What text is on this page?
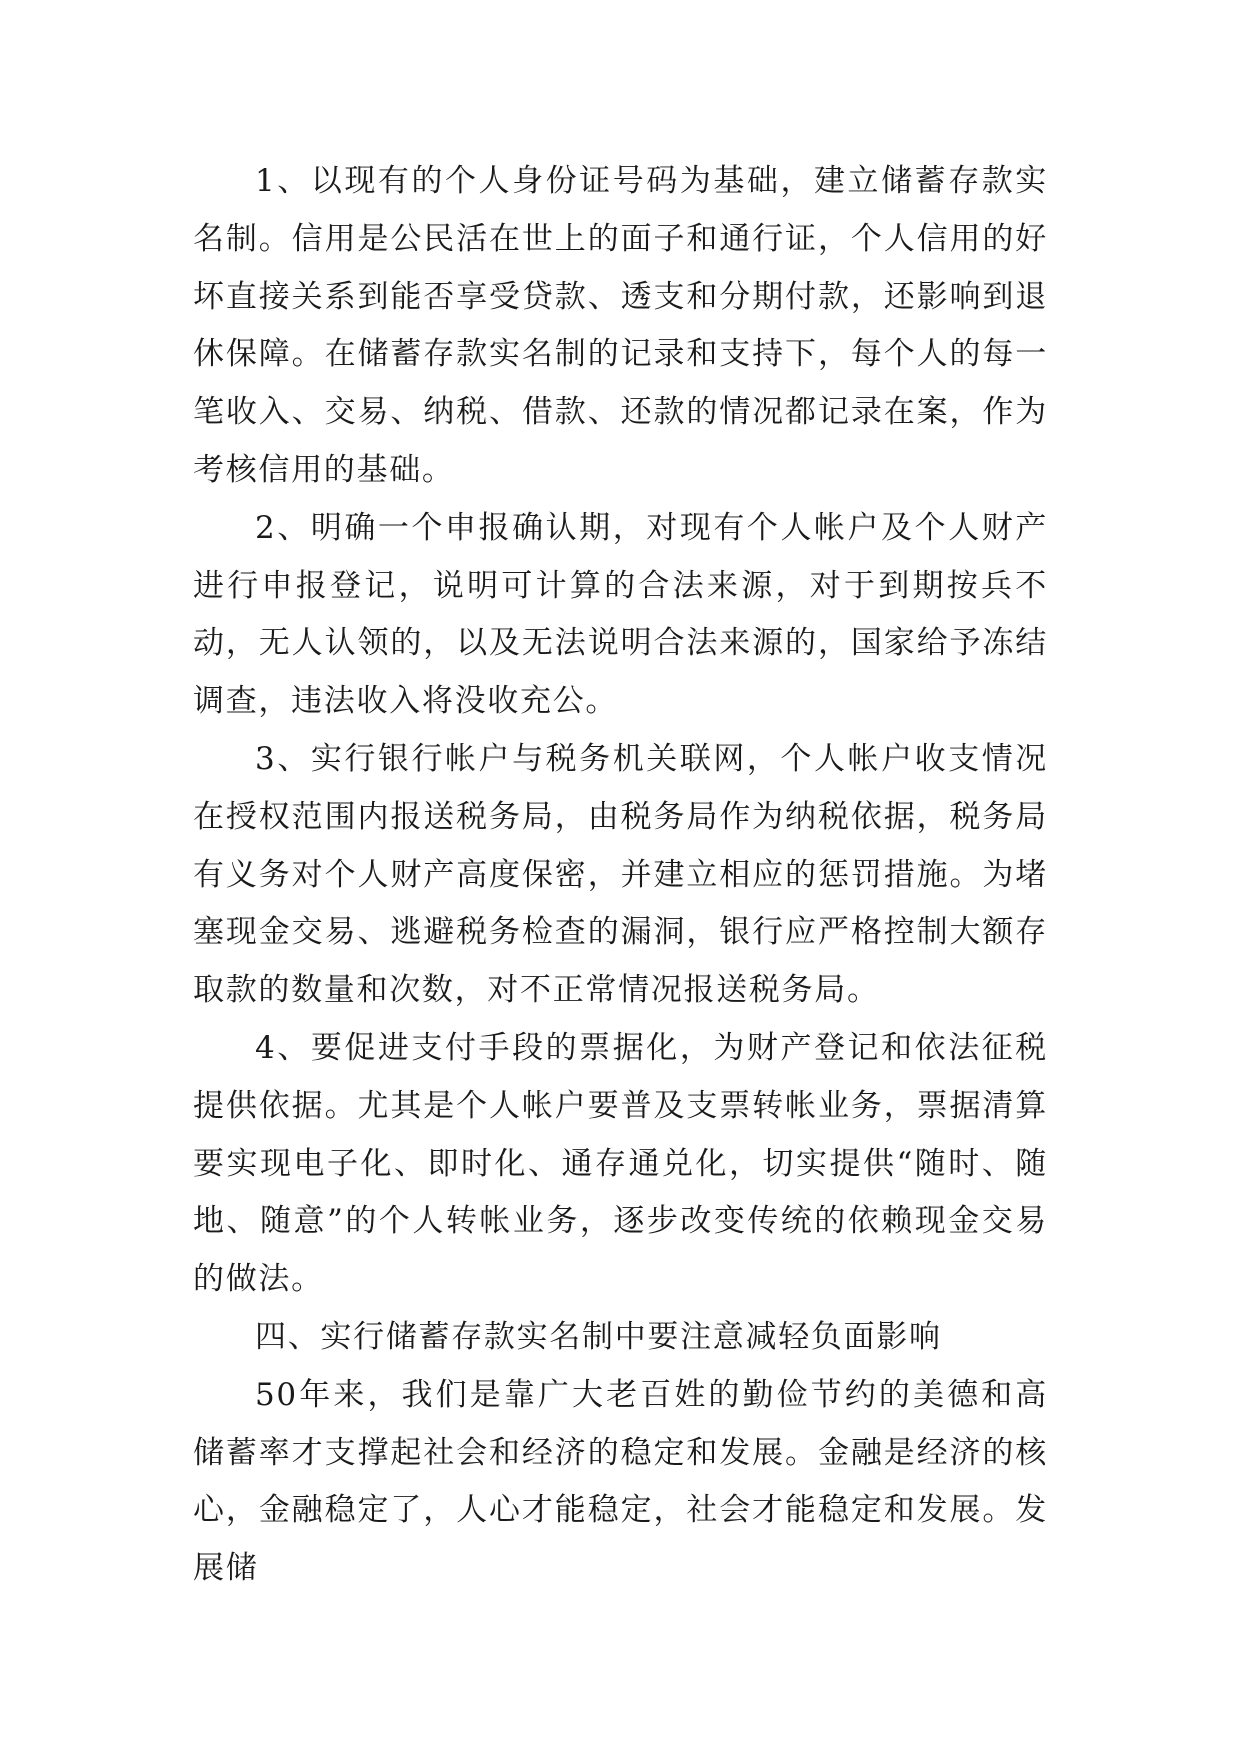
1、以现有的个人身份证号码为基础，建立储蓄存款实名制。信用是公民活在世上的面子和通行证，个人信用的好坏直接关系到能否享受贷款、透支和分期付款，还影响到退休保障。在储蓄存款实名制的记录和支持下，每个人的每一笔收入、交易、纳税、借款、还款的情况都记录在案，作为考核信用的基础。

2、明确一个申报确认期，对现有个人帐户及个人财产进行申报登记，说明可计算的合法来源，对于到期按兵不动，无人认领的，以及无法说明合法来源的，国家给予冻结调查，违法收入将没收充公。

3、实行银行帐户与税务机关联网，个人帐户收支情况在授权范围内报送税务局，由税务局作为纳税依据，税务局有义务对个人财产高度保密，并建立相应的惩罚措施。为堵塞现金交易、逃避税务检查的漏洞，银行应严格控制大额存取款的数量和次数，对不正常情况报送税务局。

4、要促进支付手段的票据化，为财产登记和依法征税提供依据。尤其是个人帐户要普及支票转帐业务，票据清算要实现电子化、即时化、通存通兑化，切实提供“随时、随地、随意”的个人转帐业务，逐步改变传统的依赖现金交易的做法。

四、实行储蓄存款实名制中要注意减轻负面影响

50年来，我们是靠广大老百姓的勤俭节约的美德和高储蓄率才支撑起社会和经济的稳定和发展。金融是经济的核心，金融稳定了，人心才能稳定，社会才能稳定和发展。发展储
